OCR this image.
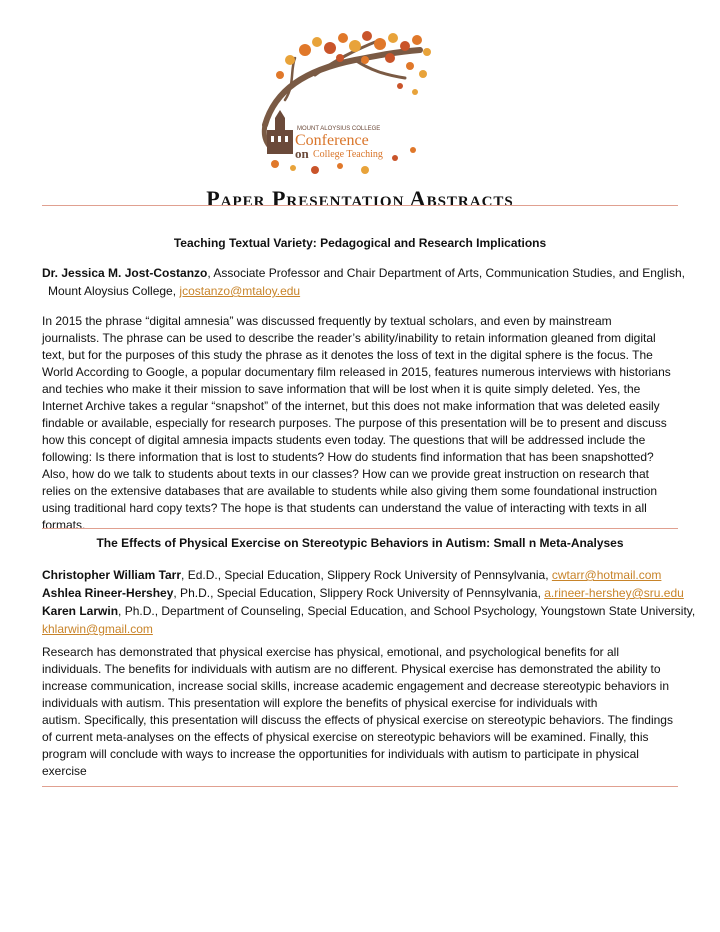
MOUNT ALOYSIUS COLLEGE
Conference
on College Teaching
Paper Presentation Abstracts
Teaching Textual Variety: Pedagogical and Research Implications
Dr. Jessica M. Jost-Costanzo, Associate Professor and Chair Department of Arts, Communication Studies, and English,
Mount Aloysius College, jcostanzo@mtaloy.edu
In 2015 the phrase “digital amnesia” was discussed frequently by textual scholars, and even by mainstream
journalists. The phrase can be used to describe the reader’s ability/inability to retain information gleaned from digital
text, but for the purposes of this study the phrase as it denotes the loss of text in the digital sphere is the focus. The
World According to Google, a popular documentary film released in 2015, features numerous interviews with historians
and techies who make it their mission to save information that will be lost when it is quite simply deleted. Yes, the
Internet Archive takes a regular “snapshot” of the internet, but this does not make information that was deleted easily
findable or available, especially for research purposes. The purpose of this presentation will be to present and discuss
how this concept of digital amnesia impacts students even today. The questions that will be addressed include the
following: Is there information that is lost to students? How do students find information that has been snapshotted?
Also, how do we talk to students about texts in our classes? How can we provide great instruction on research that
relies on the extensive databases that are available to students while also giving them some foundational instruction
using traditional hard copy texts? The hope is that students can understand the value of interacting with texts in all
formats.
The Effects of Physical Exercise on Stereotypic Behaviors in Autism: Small n Meta-Analyses
Christopher William Tarr, Ed.D., Special Education, Slippery Rock University of Pennsylvania, cwtarr@hotmail.com
Ashlea Rineer-Hershey, Ph.D., Special Education, Slippery Rock University of Pennsylvania, a.rineer-hershey@sru.edu
Karen Larwin, Ph.D., Department of Counseling, Special Education, and School Psychology, Youngstown State University,
khlarwin@gmail.com
Research has demonstrated that physical exercise has physical, emotional, and psychological benefits for all
individuals. The benefits for individuals with autism are no different. Physical exercise has demonstrated the ability to
increase communication, increase social skills, increase academic engagement and decrease stereotypic behaviors in
individuals with autism. This presentation will explore the benefits of physical exercise for individuals with
autism. Specifically, this presentation will discuss the effects of physical exercise on stereotypic behaviors. The findings
of current meta-analyses on the effects of physical exercise on stereotypic behaviors will be examined. Finally, this
program will conclude with ways to increase the opportunities for individuals with autism to participate in physical
exercise
